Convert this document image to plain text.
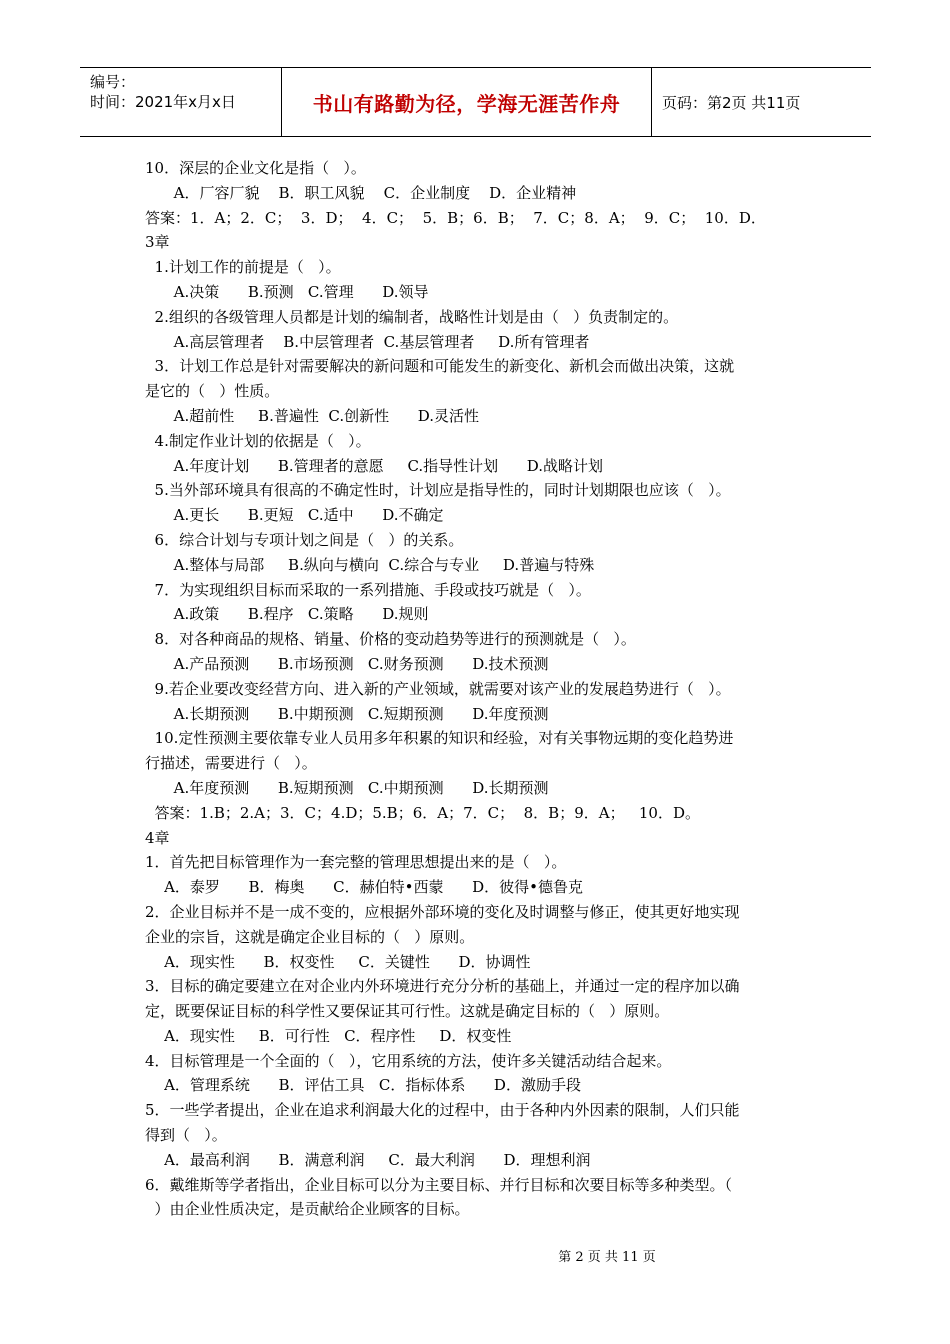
编号：
时间：2021年x月x日	书山有路勤为径，学海无涯苦作舟	页码：第2页 共11页
10．深层的企业文化是指（   ）。
A．厂容厂貌    B．职工风貌    C．企业制度    D．企业精神
答案：1．A；2．C；  3．D；  4．C；  5．B；6．B；  7．C；8．A；  9．C；  10．D．
3章
1.计划工作的前提是（   ）。
A.决策      B.预测   C.管理      D.领导
2.组织的各级管理人员都是计划的编制者，战略性计划是由（   ）负责制定的。
A.高层管理者    B.中层管理者  C.基层管理者     D.所有管理者
3．计划工作总是针对需要解决的新问题和可能发生的新变化、新机会而做出决策，这就
是它的（   ）性质。
A.超前性     B.普遍性  C.创新性      D.灵活性
4.制定作业计划的依据是（   ）。
A.年度计划      B.管理者的意愿     C.指导性计划      D.战略计划
5.当外部环境具有很高的不确定性时，计划应是指导性的，同时计划期限也应该（   ）。
A.更长      B.更短   C.适中      D.不确定
6．综合计划与专项计划之间是（   ）的关系。
A.整体与局部     B.纵向与横向  C.综合与专业     D.普遍与特殊
7．为实现组织目标而采取的一系列措施、手段或技巧就是（   ）。
A.政策      B.程序   C.策略      D.规则
8．对各种商品的规格、销量、价格的变动趋势等进行的预测就是（   ）。
A.产品预测      B.市场预测   C.财务预测      D.技术预测
9.若企业要改变经营方向、进入新的产业领域，就需要对该产业的发展趋势进行（   ）。
A.长期预测      B.中期预测   C.短期预测      D.年度预测
10.定性预测主要依靠专业人员用多年积累的知识和经验，对有关事物远期的变化趋势进
行描述，需要进行（   ）。
A.年度预测      B.短期预测   C.中期预测      D.长期预测
答案：1.B；2.A；3．C；4.D；5.B；6．A；7．C；  8．B；9．A；   10．D。
4章
1．首先把目标管理作为一套完整的管理思想提出来的是（   ）。
A．泰罗      B．梅奥      C．赫伯特•西蒙      D．彼得•德鲁克
2．企业目标并不是一成不变的，应根据外部环境的变化及时调整与修正，使其更好地实现
企业的宗旨，这就是确定企业目标的（   ）原则。
A．现实性      B．权变性     C．关键性      D．协调性
3．目标的确定要建立在对企业内外环境进行充分分析的基础上，并通过一定的程序加以确
定，既要保证目标的科学性又要保证其可行性。这就是确定目标的（   ）原则。
A．现实性     B．可行性   C．程序性     D．权变性
4．目标管理是一个全面的（   ），它用系统的方法，使许多关键活动结合起来。
A．管理系统      B．评估工具   C．指标体系      D．激励手段
5．一些学者提出，企业在追求利润最大化的过程中，由于各种内外因素的限制，人们只能
得到（   ）。
A．最高利润      B．满意利润     C．最大利润      D．理想利润
6．戴维斯等学者指出，企业目标可以分为主要目标、并行目标和次要目标等多种类型。（
）由企业性质决定，是贡献给企业顾客的目标。
第 2 页 共 11 页
